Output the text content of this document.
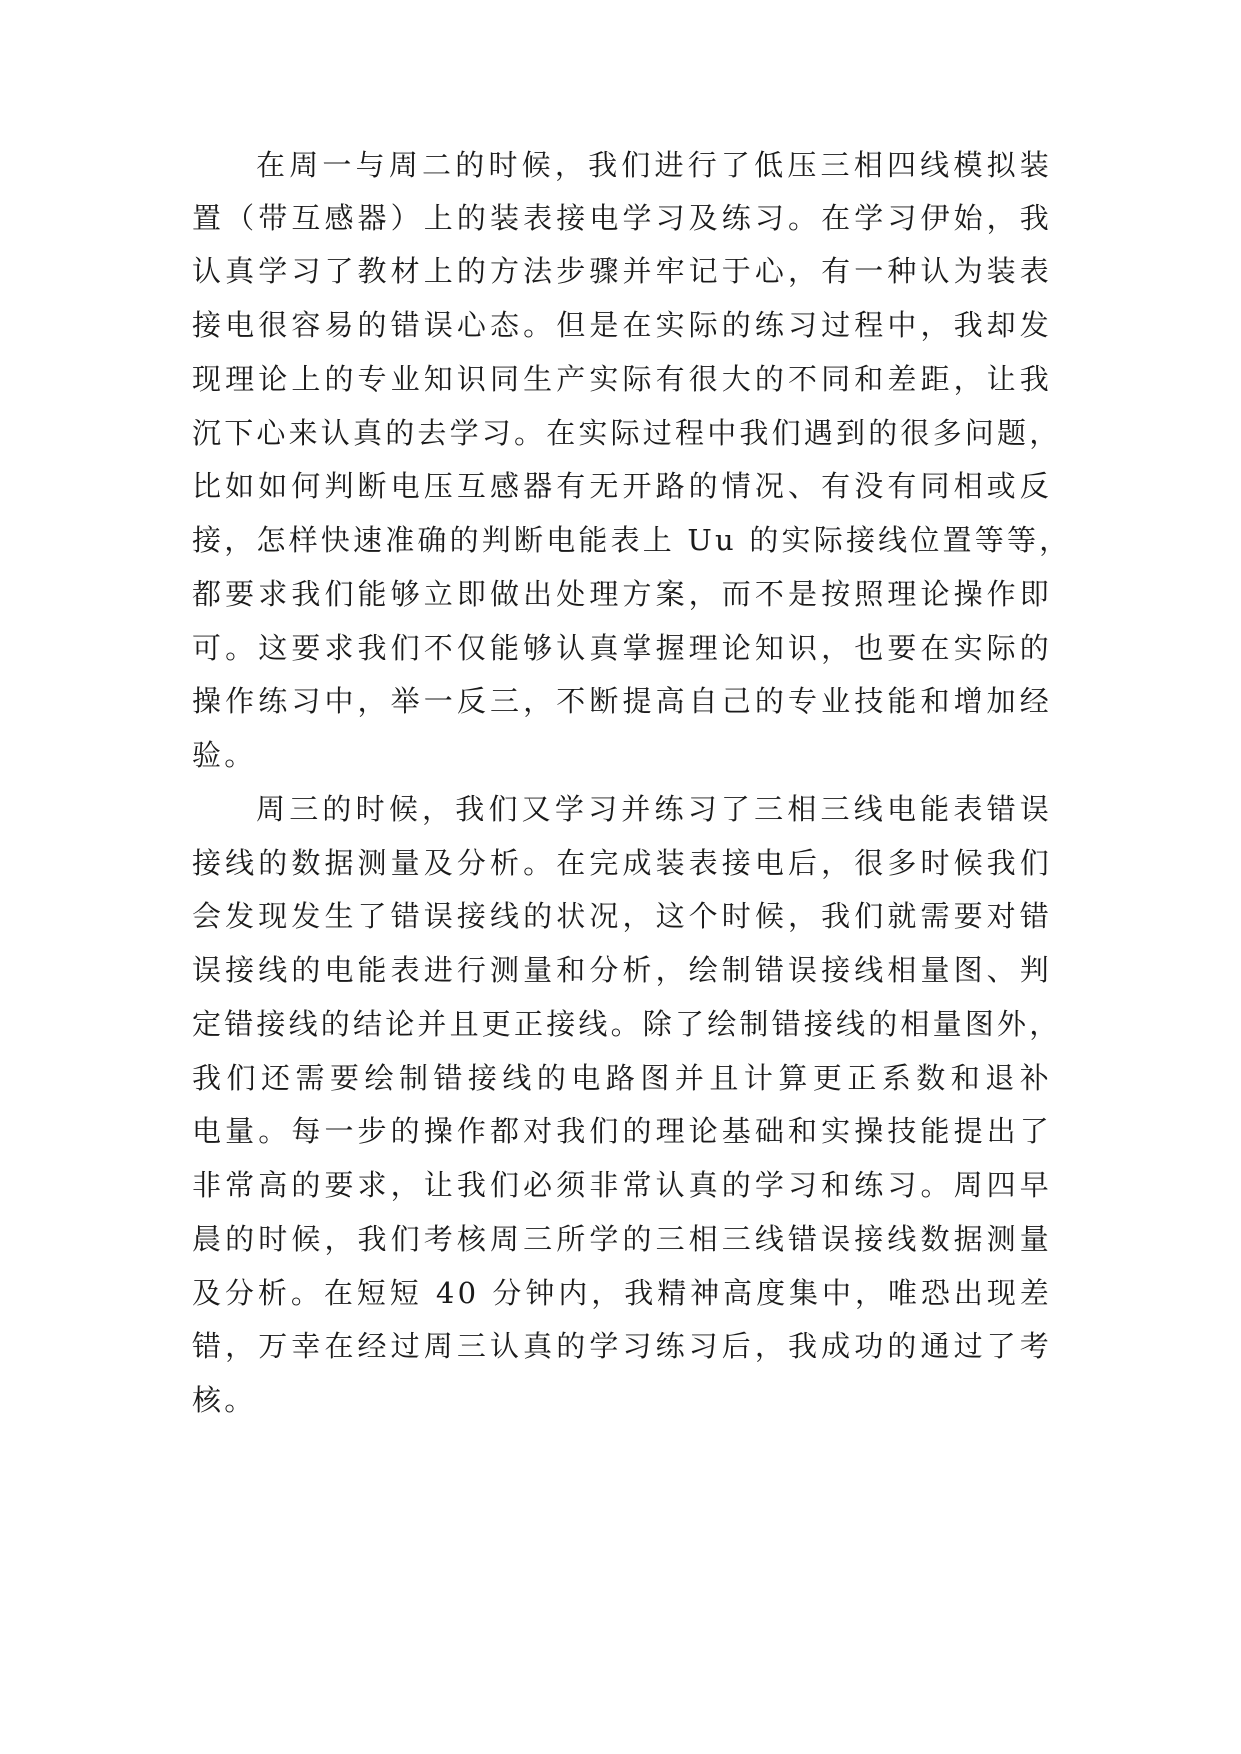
在周一与周二的时候，我们进行了低压三相四线模拟装

置（带互感器）上的装表接电学习及练习。在学习伊始，我

认真学习了教材上的方法步骤并牢记于心，有一种认为装表

接电很容易的错误心态。但是在实际的练习过程中，我却发

现理论上的专业知识同生产实际有很大的不同和差距，让我

沉下心来认真的去学习。在实际过程中我们遇到的很多问题，

比如如何判断电压互感器有无开路的情况、有没有同相或反

接，怎样快速准确的判断电能表上 Uu 的实际接线位置等等，

都要求我们能够立即做出处理方案，而不是按照理论操作即

可。这要求我们不仅能够认真掌握理论知识，也要在实际的

操作练习中，举一反三，不断提高自己的专业技能和增加经

验。

周三的时候，我们又学习并练习了三相三线电能表错误

接线的数据测量及分析。在完成装表接电后，很多时候我们

会发现发生了错误接线的状况，这个时候，我们就需要对错

误接线的电能表进行测量和分析，绘制错误接线相量图、判

定错接线的结论并且更正接线。除了绘制错接线的相量图外，

我们还需要绘制错接线的电路图并且计算更正系数和退补

电量。每一步的操作都对我们的理论基础和实操技能提出了

非常高的要求，让我们必须非常认真的学习和练习。周四早

晨的时候，我们考核周三所学的三相三线错误接线数据测量

及分析。在短短 40 分钟内，我精神高度集中，唯恐出现差

错，万幸在经过周三认真的学习练习后，我成功的通过了考

核。
